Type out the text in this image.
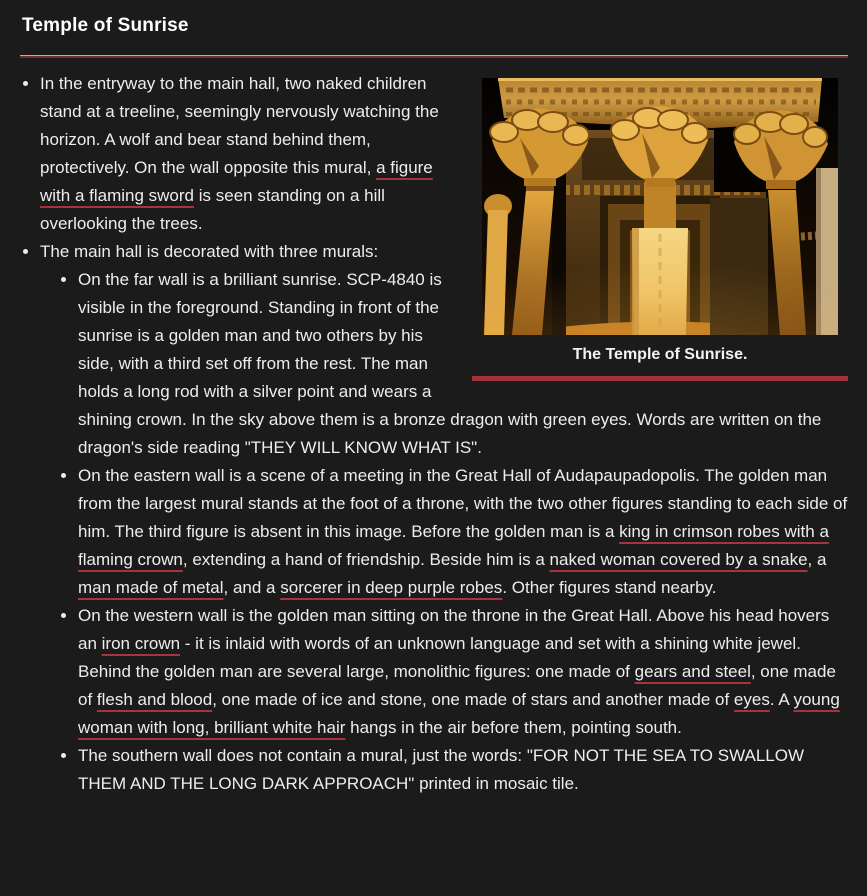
Temple of Sunrise
The Temple of Sunrise.
• In the entryway to the main hall, two naked children stand at a treeline, seemingly nervously watching the horizon. A wolf and bear stand behind them, protectively. On the wall opposite this mural, a figure with a flaming sword is seen standing on a hill overlooking the trees.
• The main hall is decorated with three murals:
• On the far wall is a brilliant sunrise. SCP-4840 is visible in the foreground. Standing in front of the sunrise is a golden man and two others by his side, with a third set off from the rest. The man holds a long rod with a silver point and wears a shining crown. In the sky above them is a bronze dragon with green eyes. Words are written on the dragon's side reading "THEY WILL KNOW WHAT IS".
• On the eastern wall is a scene of a meeting in the Great Hall of Audapaupadopolis. The golden man from the largest mural stands at the foot of a throne, with the two other figures standing to each side of him. The third figure is absent in this image. Before the golden man is a king in crimson robes with a flaming crown, extending a hand of friendship. Beside him is a naked woman covered by a snake, a man made of metal, and a sorcerer in deep purple robes. Other figures stand nearby.
• On the western wall is the golden man sitting on the throne in the Great Hall. Above his head hovers an iron crown - it is inlaid with words of an unknown language and set with a shining white jewel. Behind the golden man are several large, monolithic figures: one made of gears and steel, one made of flesh and blood, one made of ice and stone, one made of stars and another made of eyes. A young woman with long, brilliant white hair hangs in the air before them, pointing south.
• The southern wall does not contain a mural, just the words: "FOR NOT THE SEA TO SWALLOW THEM AND THE LONG DARK APPROACH" printed in mosaic tile.
